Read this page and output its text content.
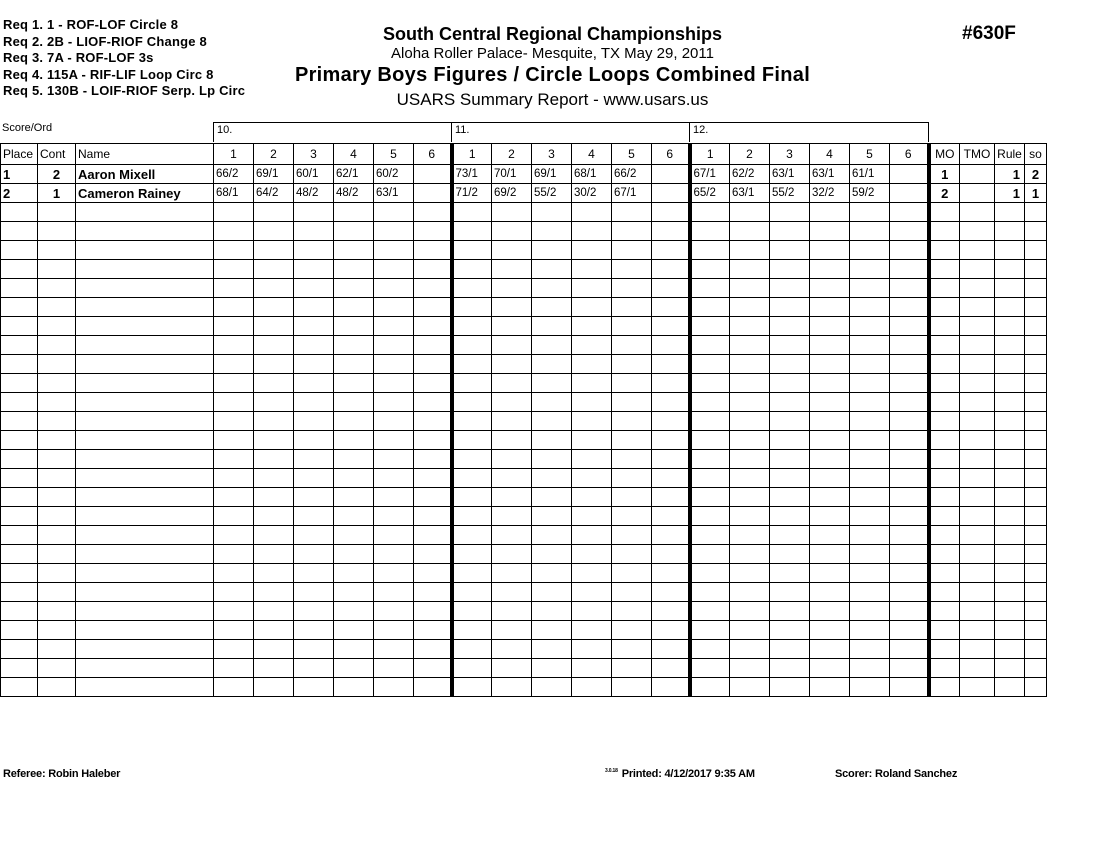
Req 1. 1 - ROF-LOF Circle 8
Req 2. 2B - LIOF-RIOF Change 8
Req 3. 7A - ROF-LOF 3s
Req 4. 115A - RIF-LIF Loop Circ 8
Req 5. 130B - LOIF-RIOF Serp. Lp Circ
South Central Regional Championships
Aloha Roller Palace- Mesquite, TX May 29, 2011
Primary Boys Figures / Circle Loops Combined Final
USARS Summary Report - www.usars.us
#630F
Score/Ord	10.	11.	12.
Place	Cont	Name	1	2	3	4	5	6	1	2	3	4	5	6	1	2	3	4	5	6	MO	TMO	Rule	so
1	2	Aaron Mixell	66/2	69/1	60/1	62/1	60/2		73/1	70/1	69/1	68/1	66/2		67/1	62/2	63/1	63/1	61/1		1		1	2
2	1	Cameron Rainey	68/1	64/2	48/2	48/2	63/1		71/2	69/2	55/2	30/2	67/1		65/2	63/1	55/2	32/2	59/2		2		1	1

Referee: Robin Haleber	$^{3.0.18}$ Printed: 4/12/2017 9:35 AM	Scorer: Roland Sanchez
